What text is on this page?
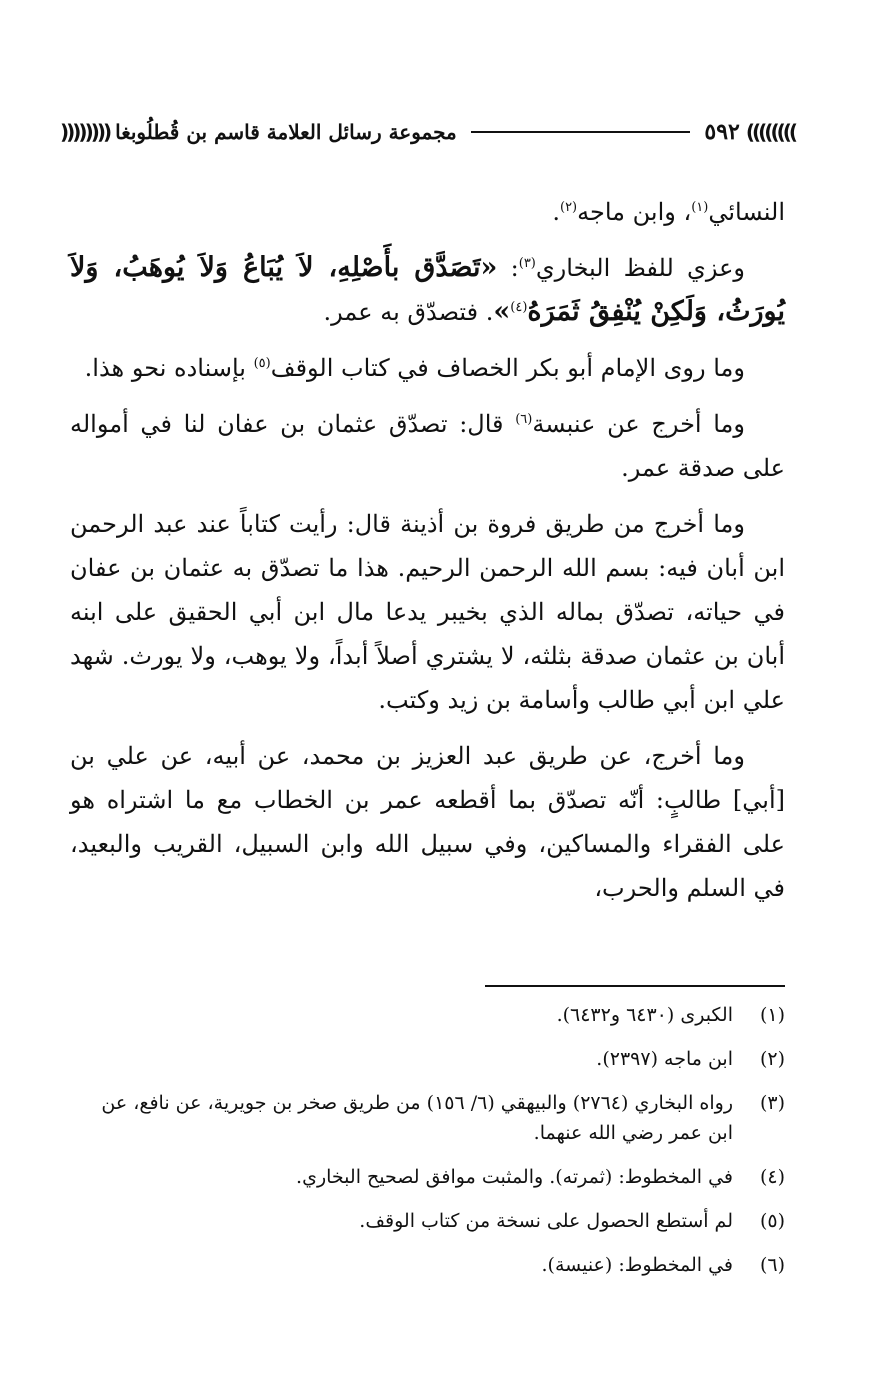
)))))))) مجموعة رسائل العلامة قاسم بن قُطلُوبغا	٥٩٢ ((((((((

النسائي$^{(١)}$، وابن ماجه$^{(٢)}$.

وعزي للفظ البخاري$^{(٣)}$: «تَصَدَّق بأَصْلِهِ، لاَ يُبَاعُ وَلاَ يُوهَبُ، وَلاَ يُورَثُ، وَلَكِنْ يُنْفِقُ ثَمَرَهُ$^{(٤)}$». فتصدّق به عمر.

وما روى الإمام أبو بكر الخصاف في كتاب الوقف$^{(٥)}$ بإسناده نحو هذا.

وما أخرج عن عنبسة$^{(٦)}$ قال: تصدّق عثمان بن عفان لنا في أمواله على صدقة عمر.

وما أخرج من طريق فروة بن أذينة قال: رأيت كتاباً عند عبد الرحمن ابن أبان فيه: بسم الله الرحمن الرحيم. هذا ما تصدّق به عثمان بن عفان في حياته، تصدّق بماله الذي بخيبر يدعا مال ابن أبي الحقيق على ابنه أبان بن عثمان صدقة بثلثه، لا يشتري أصلاً أبداً، ولا يوهب، ولا يورث. شهد علي ابن أبي طالب وأسامة بن زيد وكتب.

وما أخرج، عن طريق عبد العزيز بن محمد، عن أبيه، عن علي بن [أبي] طالبٍ: أنّه تصدّق بما أقطعه عمر بن الخطاب مع ما اشتراه هو على الفقراء والمساكين، وفي سبيل الله وابن السبيل، القريب والبعيد، في السلم والحرب،

(١)
الكبرى (٦٤٣٠ و٦٤٣٢).
(٢)
ابن ماجه (٢٣٩٧).
(٣)
رواه البخاري (٢٧٦٤) والبيهقي (٦/ ١٥٦) من طريق صخر بن جويرية، عن نافع، عن ابن عمر رضي الله عنهما.
(٤)
في المخطوط: (ثمرته). والمثبت موافق لصحيح البخاري.
(٥)
لم أستطع الحصول على نسخة من كتاب الوقف.
(٦)
في المخطوط: (عنيسة).
